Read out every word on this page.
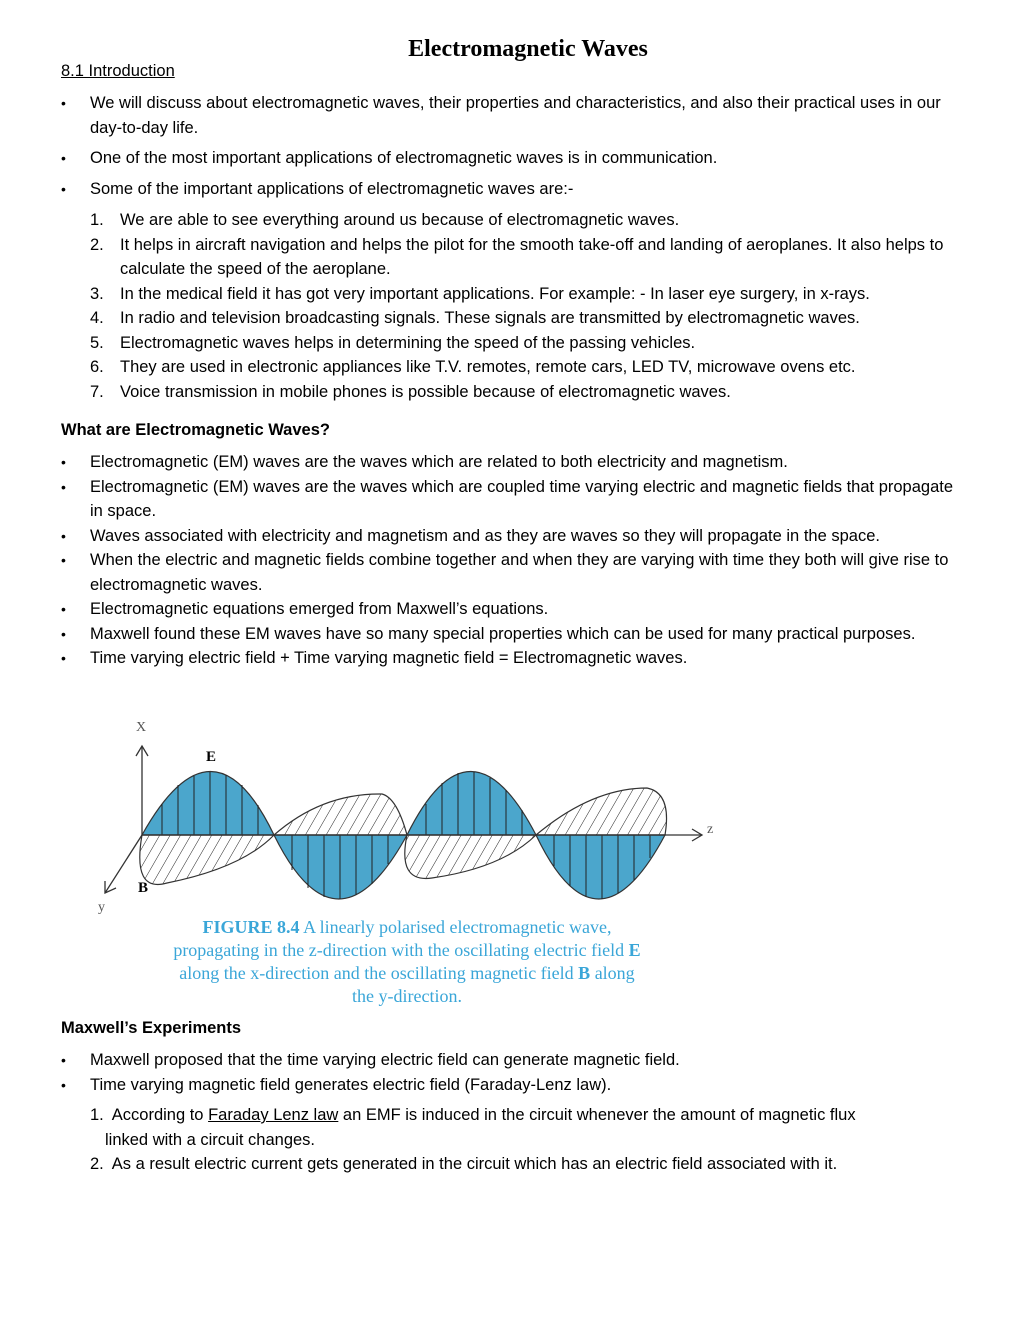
Electromagnetic Waves
8.1 Introduction
• We will discuss about electromagnetic waves, their properties and characteristics, and also their practical uses in our day-to-day life.
• One of the most important applications of electromagnetic waves is in communication.
• Some of the important applications of electromagnetic waves are:-
1. We are able to see everything around us because of electromagnetic waves.
2. It helps in aircraft navigation and helps the pilot for the smooth take-off and landing of aeroplanes. It also helps to calculate the speed of the aeroplane.
3. In the medical field it has got very important applications. For example: - In laser eye surgery, in x-rays.
4. In radio and television broadcasting signals. These signals are transmitted by electromagnetic waves.
5. Electromagnetic waves helps in determining the speed of the passing vehicles.
6. They are used in electronic appliances like T.V. remotes, remote cars, LED TV, microwave ovens etc.
7. Voice transmission in mobile phones is possible because of electromagnetic waves.
What are Electromagnetic Waves?
• Electromagnetic (EM) waves are the waves which are related to both electricity and magnetism.
• Electromagnetic (EM) waves are the waves which are coupled time varying electric and magnetic fields that propagate in space.
• Waves associated with electricity and magnetism and as they are waves so they will propagate in the space.
• When the electric and magnetic fields combine together and when they are varying with time they both will give rise to electromagnetic waves.
• Electromagnetic equations emerged from Maxwell’s equations.
• Maxwell found these EM waves have so many special properties which can be used for many practical purposes.
• Time varying electric field + Time varying magnetic field = Electromagnetic waves.
X
z
y
E
B
FIGURE 8.4 A linearly polarised electromagnetic wave,
propagating in the z-direction with the oscillating electric field E
along the x-direction and the oscillating magnetic field B along
the y-direction.
Maxwell’s Experiments
• Maxwell proposed that the time varying electric field can generate magnetic field.
• Time varying magnetic field generates electric field (Faraday-Lenz law).
1. According to Faraday Lenz law an EMF is induced in the circuit whenever the amount of magnetic flux
linked with a circuit changes.
2. As a result electric current gets generated in the circuit which has an electric field associated with it.
